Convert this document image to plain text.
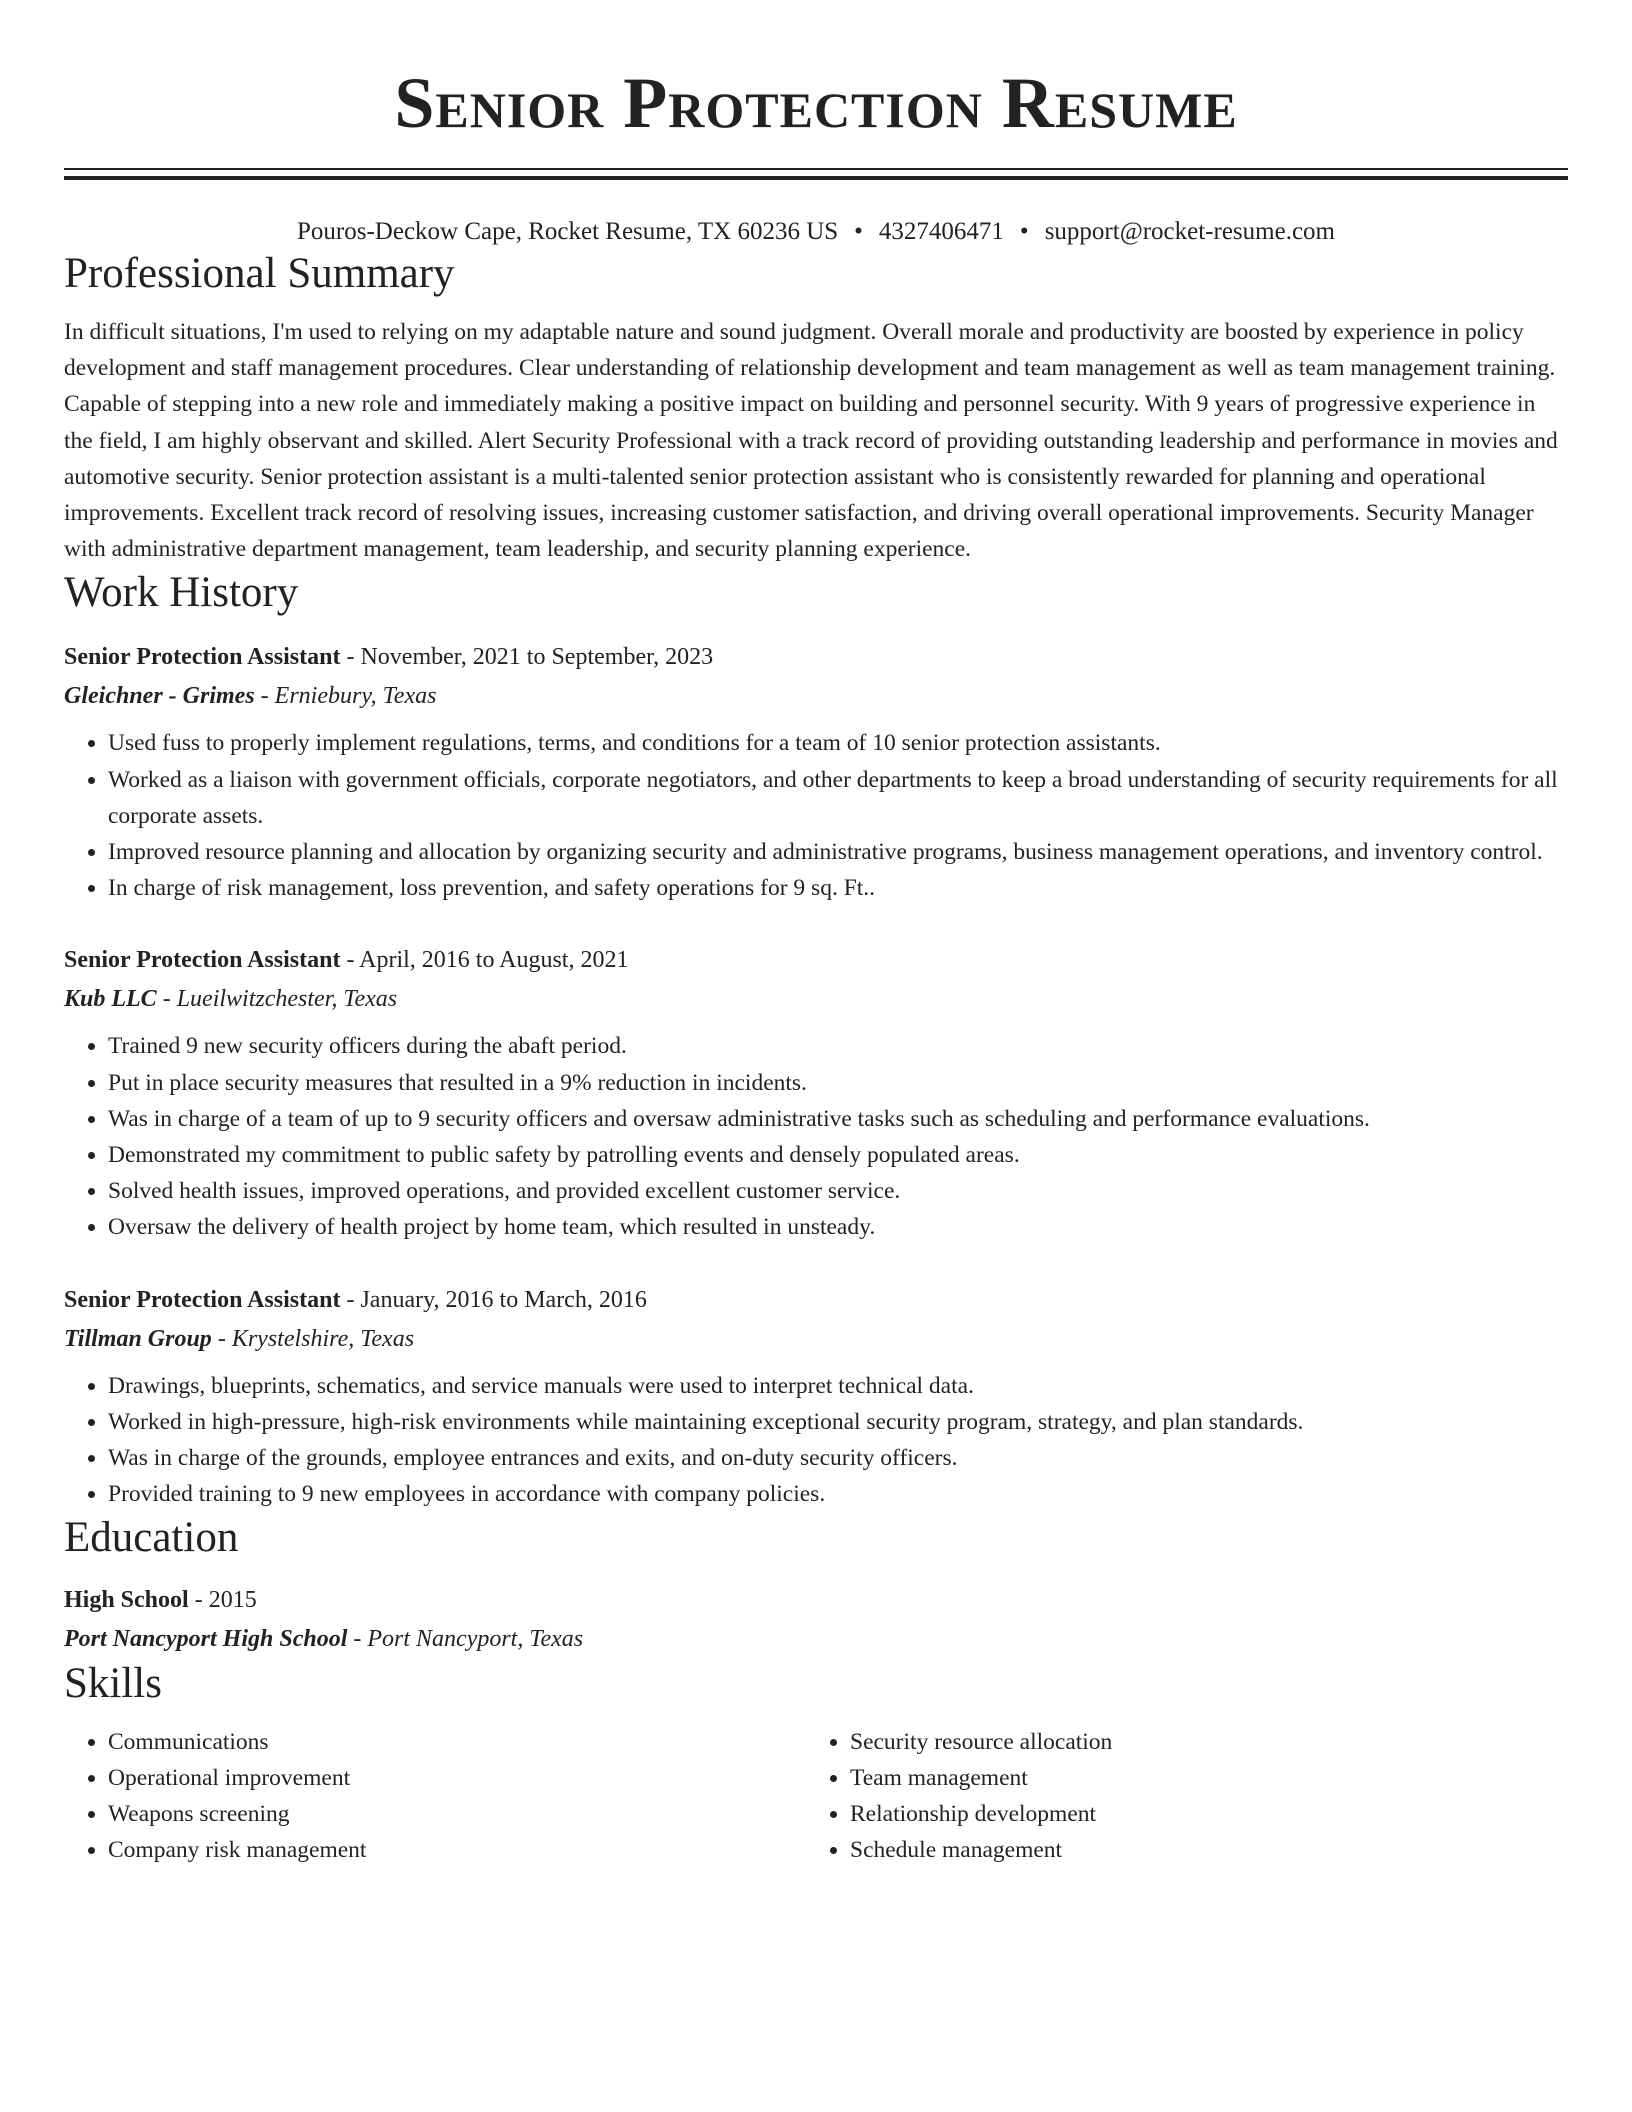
Senior Protection Resume
Pouros-Deckow Cape, Rocket Resume, TX 60236 US • 4327406471 • support@rocket-resume.com
Professional Summary

In difficult situations, I'm used to relying on my adaptable nature and sound judgment. Overall morale and productivity are boosted by experience in policy development and staff management procedures. Clear understanding of relationship development and team management as well as team management training. Capable of stepping into a new role and immediately making a positive impact on building and personnel security. With 9 years of progressive experience in the field, I am highly observant and skilled. Alert Security Professional with a track record of providing outstanding leadership and performance in movies and automotive security. Senior protection assistant is a multi-talented senior protection assistant who is consistently rewarded for planning and operational improvements. Excellent track record of resolving issues, increasing customer satisfaction, and driving overall operational improvements. Security Manager with administrative department management, team leadership, and security planning experience.

Work History
Senior Protection Assistant - November, 2021 to September, 2023
Gleichner - Grimes - Erniebury, Texas
• Used fuss to properly implement regulations, terms, and conditions for a team of 10 senior protection assistants.
• Worked as a liaison with government officials, corporate negotiators, and other departments to keep a broad understanding of security requirements for all corporate assets.
• Improved resource planning and allocation by organizing security and administrative programs, business management operations, and inventory control.
• In charge of risk management, loss prevention, and safety operations for 9 sq. Ft..
Senior Protection Assistant - April, 2016 to August, 2021
Kub LLC - Lueilwitzchester, Texas
• Trained 9 new security officers during the abaft period.
• Put in place security measures that resulted in a 9% reduction in incidents.
• Was in charge of a team of up to 9 security officers and oversaw administrative tasks such as scheduling and performance evaluations.
• Demonstrated my commitment to public safety by patrolling events and densely populated areas.
• Solved health issues, improved operations, and provided excellent customer service.
• Oversaw the delivery of health project by home team, which resulted in unsteady.
Senior Protection Assistant - January, 2016 to March, 2016
Tillman Group - Krystelshire, Texas
• Drawings, blueprints, schematics, and service manuals were used to interpret technical data.
• Worked in high-pressure, high-risk environments while maintaining exceptional security program, strategy, and plan standards.
• Was in charge of the grounds, employee entrances and exits, and on-duty security officers.
• Provided training to 9 new employees in accordance with company policies.
Education
High School - 2015
Port Nancyport High School - Port Nancyport, Texas
Skills
• Communications
• Operational improvement
• Weapons screening
• Company risk management
• Security resource allocation
• Team management
• Relationship development
• Schedule management
